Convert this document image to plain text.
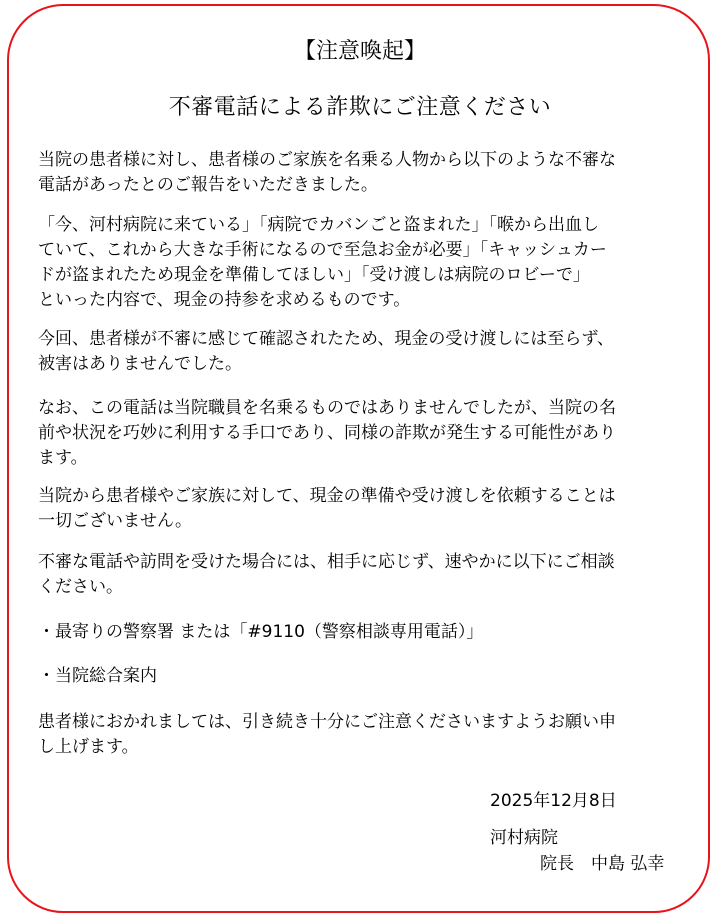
【注意喚起】
不審電話による詐欺にご注意ください
当院の患者様に対し、患者様のご家族を名乗る人物から以下のような不審な
電話があったとのご報告をいただきました。
「今、河村病院に来ている」「病院でカバンごと盗まれた」「喉から出血し
ていて、これから大きな手術になるので至急お金が必要」「キャッシュカー
ドが盗まれたため現金を準備してほしい」「受け渡しは病院のロビーで」
といった内容で、現金の持参を求めるものです。
今回、患者様が不審に感じて確認されたため、現金の受け渡しには至らず、
被害はありませんでした。
なお、この電話は当院職員を名乗るものではありませんでしたが、当院の名
前や状況を巧妙に利用する手口であり、同様の詐欺が発生する可能性があり
ます。
当院から患者様やご家族に対して、現金の準備や受け渡しを依頼することは
一切ございません。
不審な電話や訪問を受けた場合には、相手に応じず、速やかに以下にご相談
ください。
・最寄りの警察署 または「#9110（警察相談専用電話）」
・当院総合案内
患者様におかれましては、引き続き十分にご注意くださいますようお願い申
し上げます。
2025年12月8日
河村病院
院長　中島 弘幸
